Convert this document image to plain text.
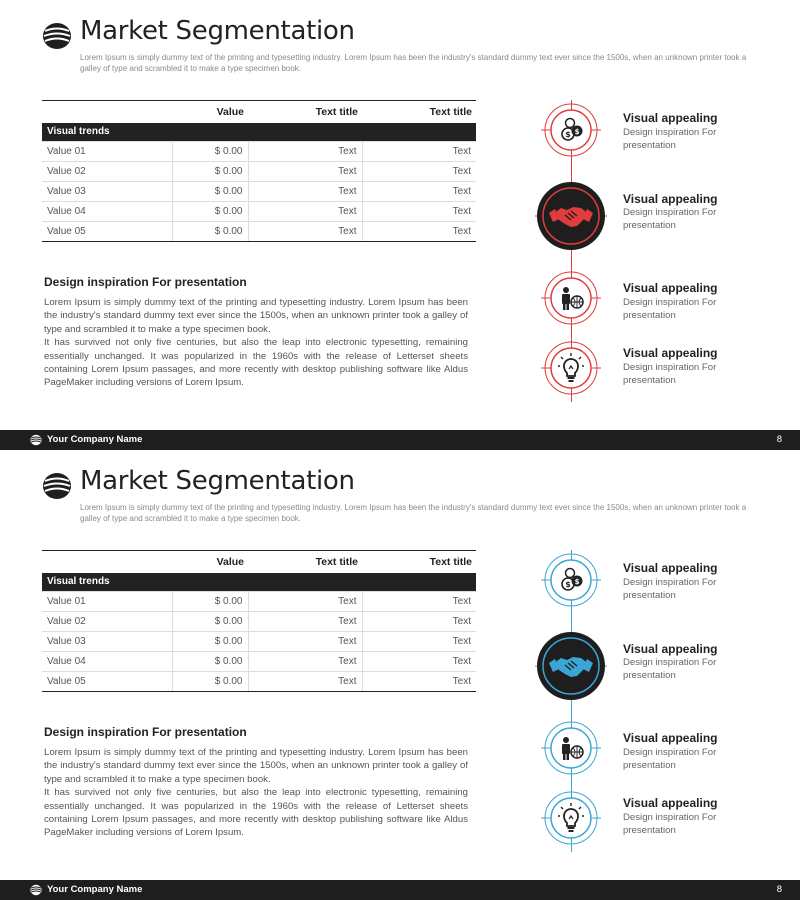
Market Segmentation
Lorem Ipsum is simply dummy text of the printing and typesetting industry. Lorem Ipsum has been the industry's standard dummy text ever since the 1500s, when an unknown printer took a galley of type and scrambled it to make a type specimen book.
	Value	Text title	Text title
Visual trends			
Value 01	$ 0.00	Text	Text
Value 02	$ 0.00	Text	Text
Value 03	$ 0.00	Text	Text
Value 04	$ 0.00	Text	Text
Value 05	$ 0.00	Text	Text
Design inspiration For presentation
Lorem Ipsum is simply dummy text of the printing and typesetting industry. Lorem Ipsum has been the industry's standard dummy text ever since the 1500s, when an unknown printer took a galley of type and scrambled it to make a type specimen book.
It has survived not only five centuries, but also the leap into electronic typesetting, remaining essentially unchanged. It was popularized in the 1960s with the release of Letterset sheets containing Lorem Ipsum passages, and more recently with desktop publishing software like Aldus PageMaker including versions of Lorem Ipsum.
$ $
Visual appealing
Design inspiration For presentation
Visual appealing
Design inspiration For presentation
Visual appealing
Design inspiration For presentation
Visual appealing
Design inspiration For presentation
Your Company Name	8
Market Segmentation
Lorem Ipsum is simply dummy text of the printing and typesetting industry. Lorem Ipsum has been the industry's standard dummy text ever since the 1500s, when an unknown printer took a galley of type and scrambled it to make a type specimen book.
	Value	Text title	Text title
Visual trends			
Value 01	$ 0.00	Text	Text
Value 02	$ 0.00	Text	Text
Value 03	$ 0.00	Text	Text
Value 04	$ 0.00	Text	Text
Value 05	$ 0.00	Text	Text
Design inspiration For presentation
Lorem Ipsum is simply dummy text of the printing and typesetting industry. Lorem Ipsum has been the industry's standard dummy text ever since the 1500s, when an unknown printer took a galley of type and scrambled it to make a type specimen book.
It has survived not only five centuries, but also the leap into electronic typesetting, remaining essentially unchanged. It was popularized in the 1960s with the release of Letterset sheets containing Lorem Ipsum passages, and more recently with desktop publishing software like Aldus PageMaker including versions of Lorem Ipsum.
$ $
Visual appealing
Design inspiration For presentation
Visual appealing
Design inspiration For presentation
Visual appealing
Design inspiration For presentation
Visual appealing
Design inspiration For presentation
Your Company Name	8
